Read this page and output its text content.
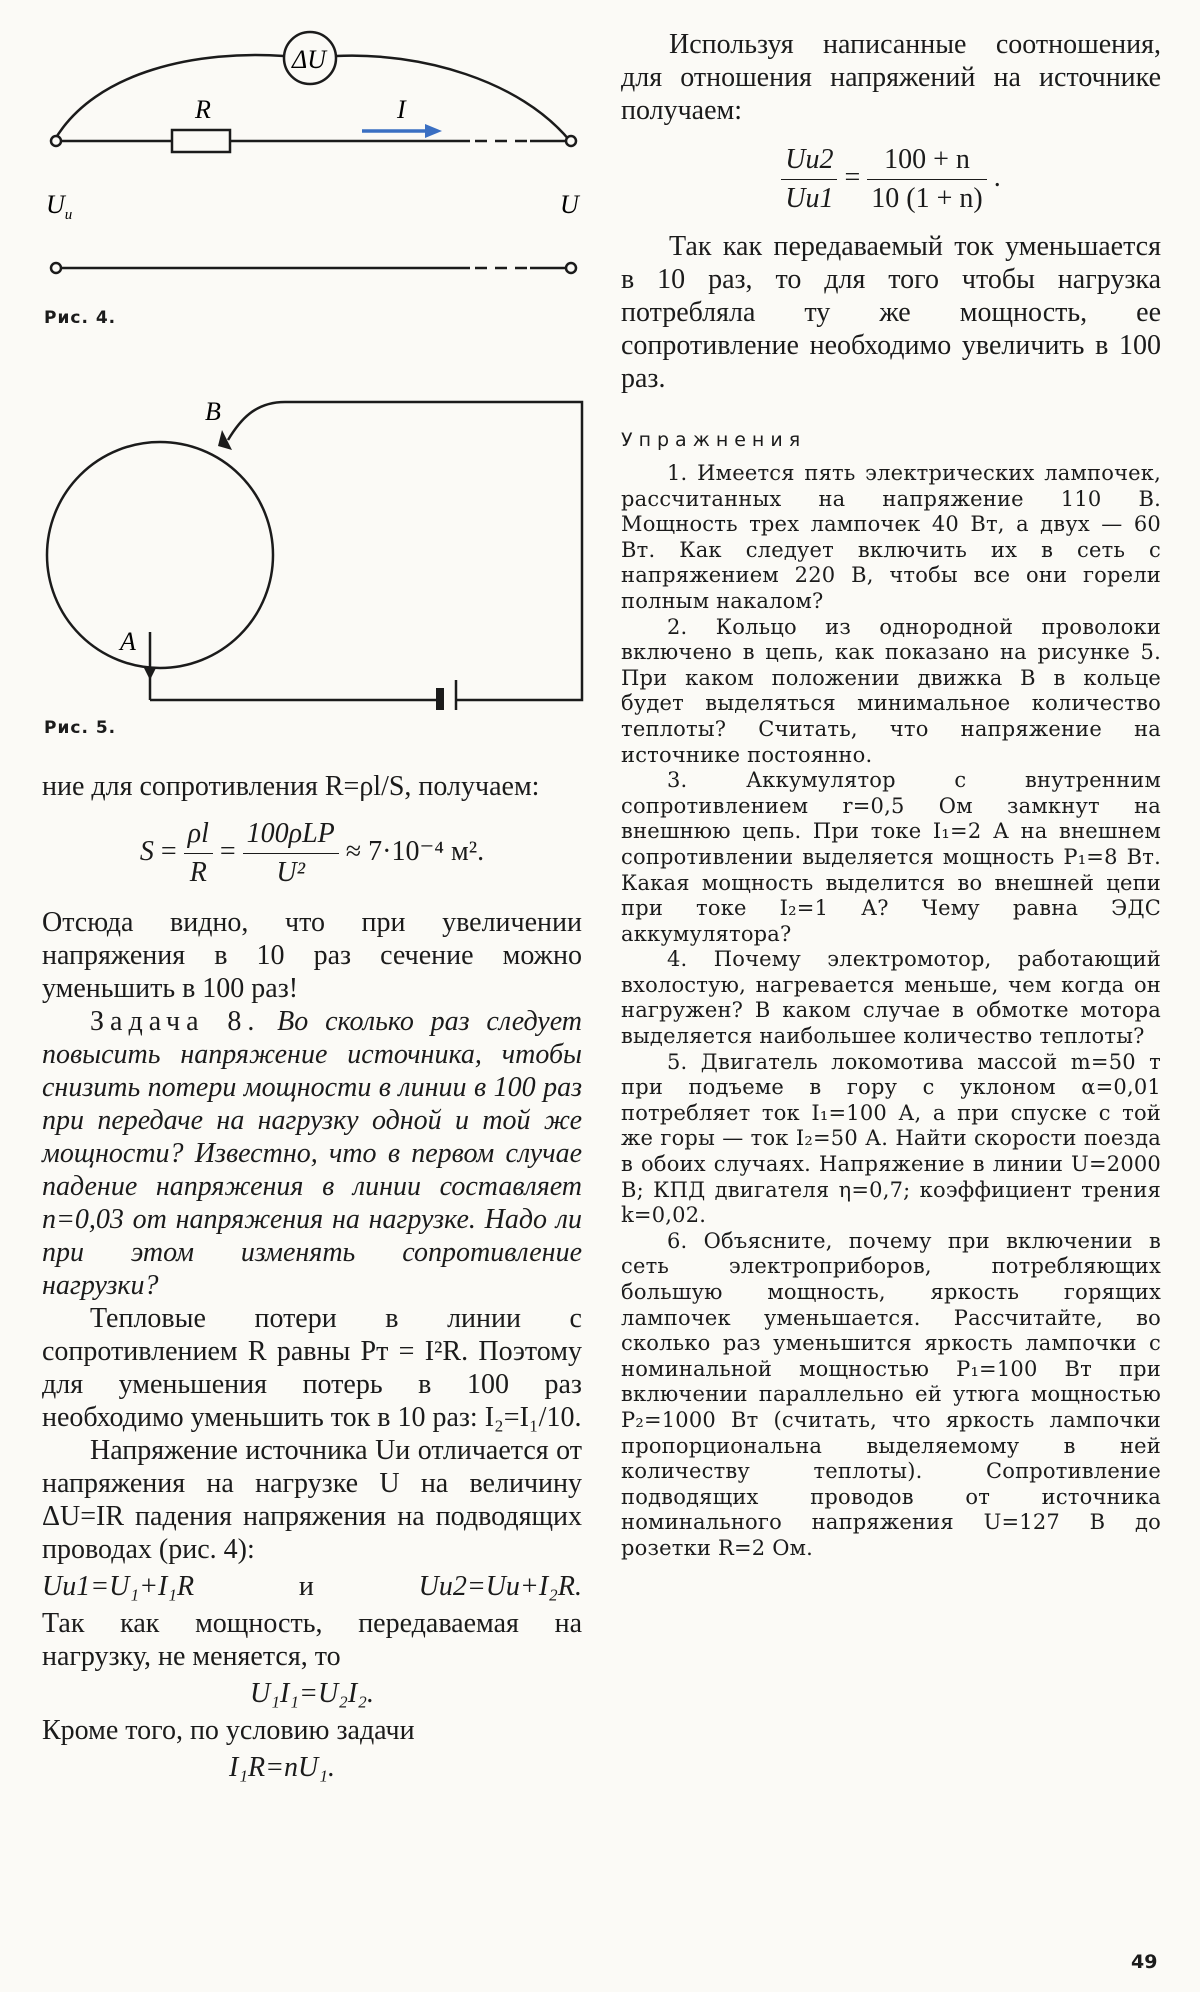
ΔU
R	I
$U_и$	U
Рис. 4.
B
A
Рис. 5.

ние для сопротивления R=ρl/S, получаем:

$S = \frac{\rho l}{R} = \frac{\text{100ρLP}}{\text{U²}} \approx 7\cdot 10^{-4}$ м².

Отсюда видно, что при увеличении напряжения в 10 раз сечение можно уменьшить в 100 раз!

Задача 8. Во сколько раз следует повысить напряжение источника, чтобы снизить потери мощности в линии в 100 раз при передаче на нагрузку одной и той же мощности? Известно, что в первом случае падение напряжения в линии составляет n=0,03 от напряжения на нагрузке. Надо ли при этом изменять сопротивление нагрузки?

Тепловые потери в линии с сопротивлением R равны Pт = I²R. Поэтому для уменьшения потерь в 100 раз необходимо уменьшить ток в 10 раз: I₂=I₁/10.

Напряжение источника Uи отличается от напряжения на нагрузке U на величину ΔU=IR падения напряжения на подводящих проводах (рис. 4):

Uи1=U₁+I₁R	и	Uи2=Uи+I₂R.

Так как мощность, передаваемая на нагрузку, не меняется, то

U₁I₁=U₂I₂.

Кроме того, по условию задачи

I₁R=nU₁.

Используя написанные соотношения, для отношения напряжений на источнике получаем:

$\frac{Uи2}{Uи1} = \frac{100 + n}{10 (1 + n)}$ .

Так как передаваемый ток уменьшается в 10 раз, то для того чтобы нагрузка потребляла ту же мощность, ее сопротивление необходимо увеличить в 100 раз.

Упражнения

1. Имеется пять электрических лампочек, рассчитанных на напряжение 110 В. Мощность трех лампочек 40 Вт, а двух — 60 Вт. Как следует включить их в сеть с напряжением 220 В, чтобы все они горели полным накалом?

2. Кольцо из однородной проволоки включено в цепь, как показано на рисунке 5. При каком положении движка B в кольце будет выделяться минимальное количество теплоты? Считать, что напряжение на источнике постоянно.

3. Аккумулятор с внутренним сопротивлением r=0,5 Ом замкнут на внешнюю цепь. При токе I₁=2 А на внешнем сопротивлении выделяется мощность P₁=8 Вт. Какая мощность выделится во внешней цепи при токе I₂=1 А? Чему равна ЭДС аккумулятора?

4. Почему электромотор, работающий вхолостую, нагревается меньше, чем когда он нагружен? В каком случае в обмотке мотора выделяется наибольшее количество теплоты?

5. Двигатель локомотива массой m=50 т при подъеме в гору с уклоном α=0,01 потребляет ток I₁=100 А, а при спуске с той же горы — ток I₂=50 А. Найти скорости поезда в обоих случаях. Напряжение в линии U=2000 В; КПД двигателя η=0,7; коэффициент трения k=0,02.

6. Объясните, почему при включении в сеть электроприборов, потребляющих большую мощность, яркость горящих лампочек уменьшается. Рассчитайте, во сколько раз уменьшится яркость лампочки с номинальной мощностью P₁=100 Вт при включении параллельно ей утюга мощностью P₂=1000 Вт (считать, что яркость лампочки пропорциональна выделяемому в ней количеству теплоты). Сопротивление подводящих проводов от источника номинального напряжения U=127 В до розетки R=2 Ом.

49
